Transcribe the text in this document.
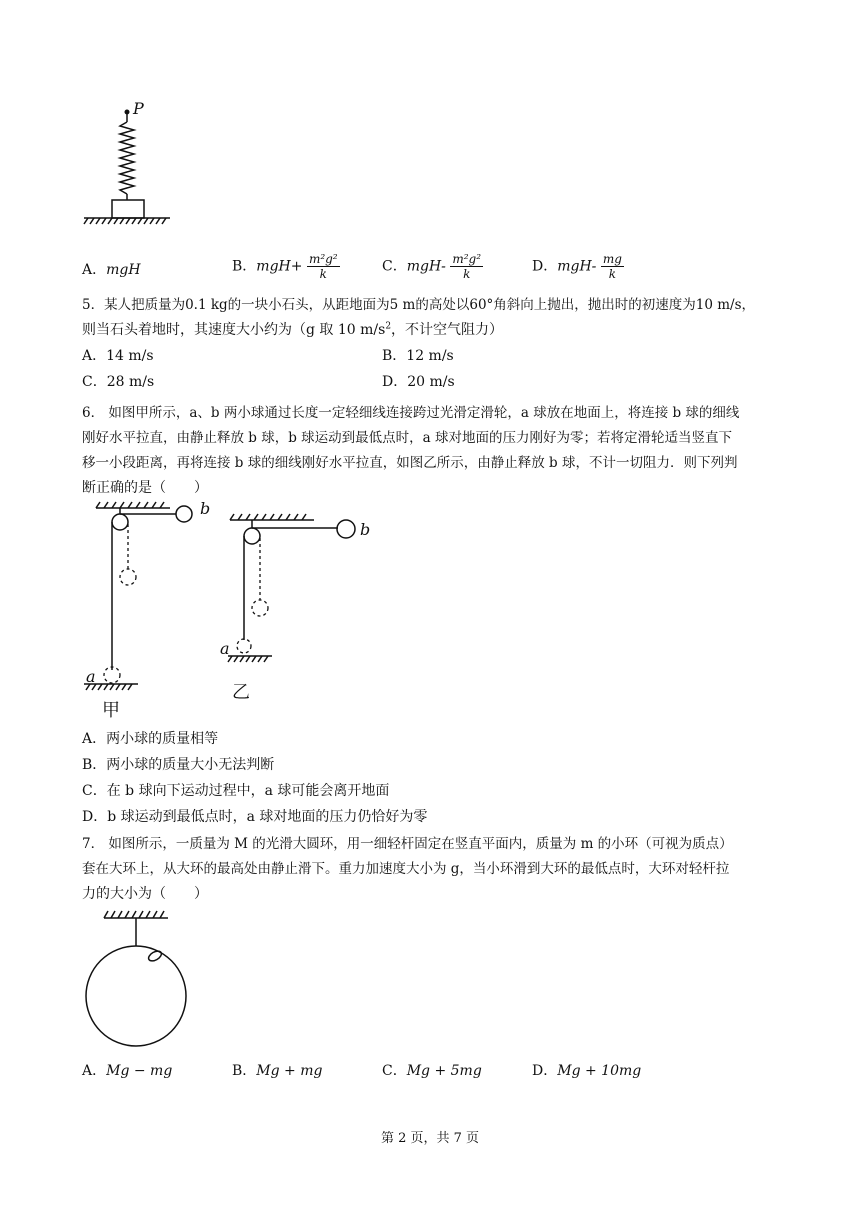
P
A．mgH	B．$mgH+ \frac{\text{m²g²}}{k}$	C．$mgH- \frac{\text{m²g²}}{k}$	D．$mgH- \frac{mg}{k}$
5．某人把质量为0.1 kg的一块小石头，从距地面为5 m的高处以60°角斜向上抛出，抛出时的初速度为10 m/s，
则当石头着地时，其速度大小约为（g 取 10 $m/s^2$，不计空气阻力）
A．14 m/s	B．12 m/s
C．28 m/s	D．20 m/s
6． 如图甲所示，a、b 两小球通过长度一定轻细线连接跨过光滑定滑轮，a 球放在地面上，将连接 b 球的细线
刚好水平拉直，由静止释放 b 球，b 球运动到最低点时，a 球对地面的压力刚好为零；若将定滑轮适当竖直下
移一小段距离，再将连接 b 球的细线刚好水平拉直，如图乙所示，由静止释放 b 球，不计一切阻力．则下列判
断正确的是（　　）
b
a
甲
b
a
乙
A．两小球的质量相等
B．两小球的质量大小无法判断
C．在 b 球向下运动过程中，a 球可能会离开地面
D．b 球运动到最低点时，a 球对地面的压力仍恰好为零
7． 如图所示，一质量为 M 的光滑大圆环，用一细轻杆固定在竖直平面内，质量为 m 的小环（可视为质点）
套在大环上，从大环的最高处由静止滑下。重力加速度大小为 g，当小环滑到大环的最低点时，大环对轻杆拉
力的大小为（　　）
A．Mg − mg	B．Mg + mg	C．Mg + 5mg	D．Mg + 10mg
第 2 页，共 7 页
